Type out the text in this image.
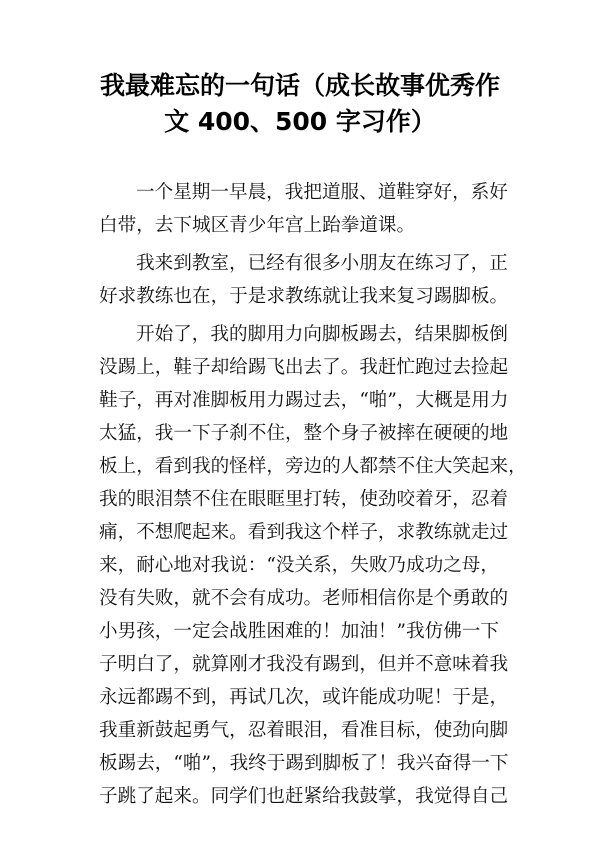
我最难忘的一句话（成长故事优秀作
文 400、500 字习作）
一个星期一早晨，我把道服、道鞋穿好，系好
白带，去下城区青少年宫上跆拳道课。
我来到教室，已经有很多小朋友在练习了，正
好求教练也在，于是求教练就让我来复习踢脚板。
开始了，我的脚用力向脚板踢去，结果脚板倒
没踢上，鞋子却给踢飞出去了。我赶忙跑过去捡起
鞋子，再对准脚板用力踢过去，“啪”，大概是用力
太猛，我一下子刹不住，整个身子被摔在硬硬的地
板上，看到我的怪样，旁边的人都禁不住大笑起来，
我的眼泪禁不住在眼眶里打转，使劲咬着牙，忍着
痛，不想爬起来。看到我这个样子，求教练就走过
来，耐心地对我说：“没关系，失败乃成功之母，
没有失败，就不会有成功。老师相信你是个勇敢的
小男孩，一定会战胜困难的！加油！”我仿佛一下
子明白了，就算刚才我没有踢到，但并不意味着我
永远都踢不到，再试几次，或许能成功呢！于是，
我重新鼓起勇气，忍着眼泪，看准目标，使劲向脚
板踢去，“啪”，我终于踢到脚板了！我兴奋得一下
子跳了起来。同学们也赶紧给我鼓掌，我觉得自己
